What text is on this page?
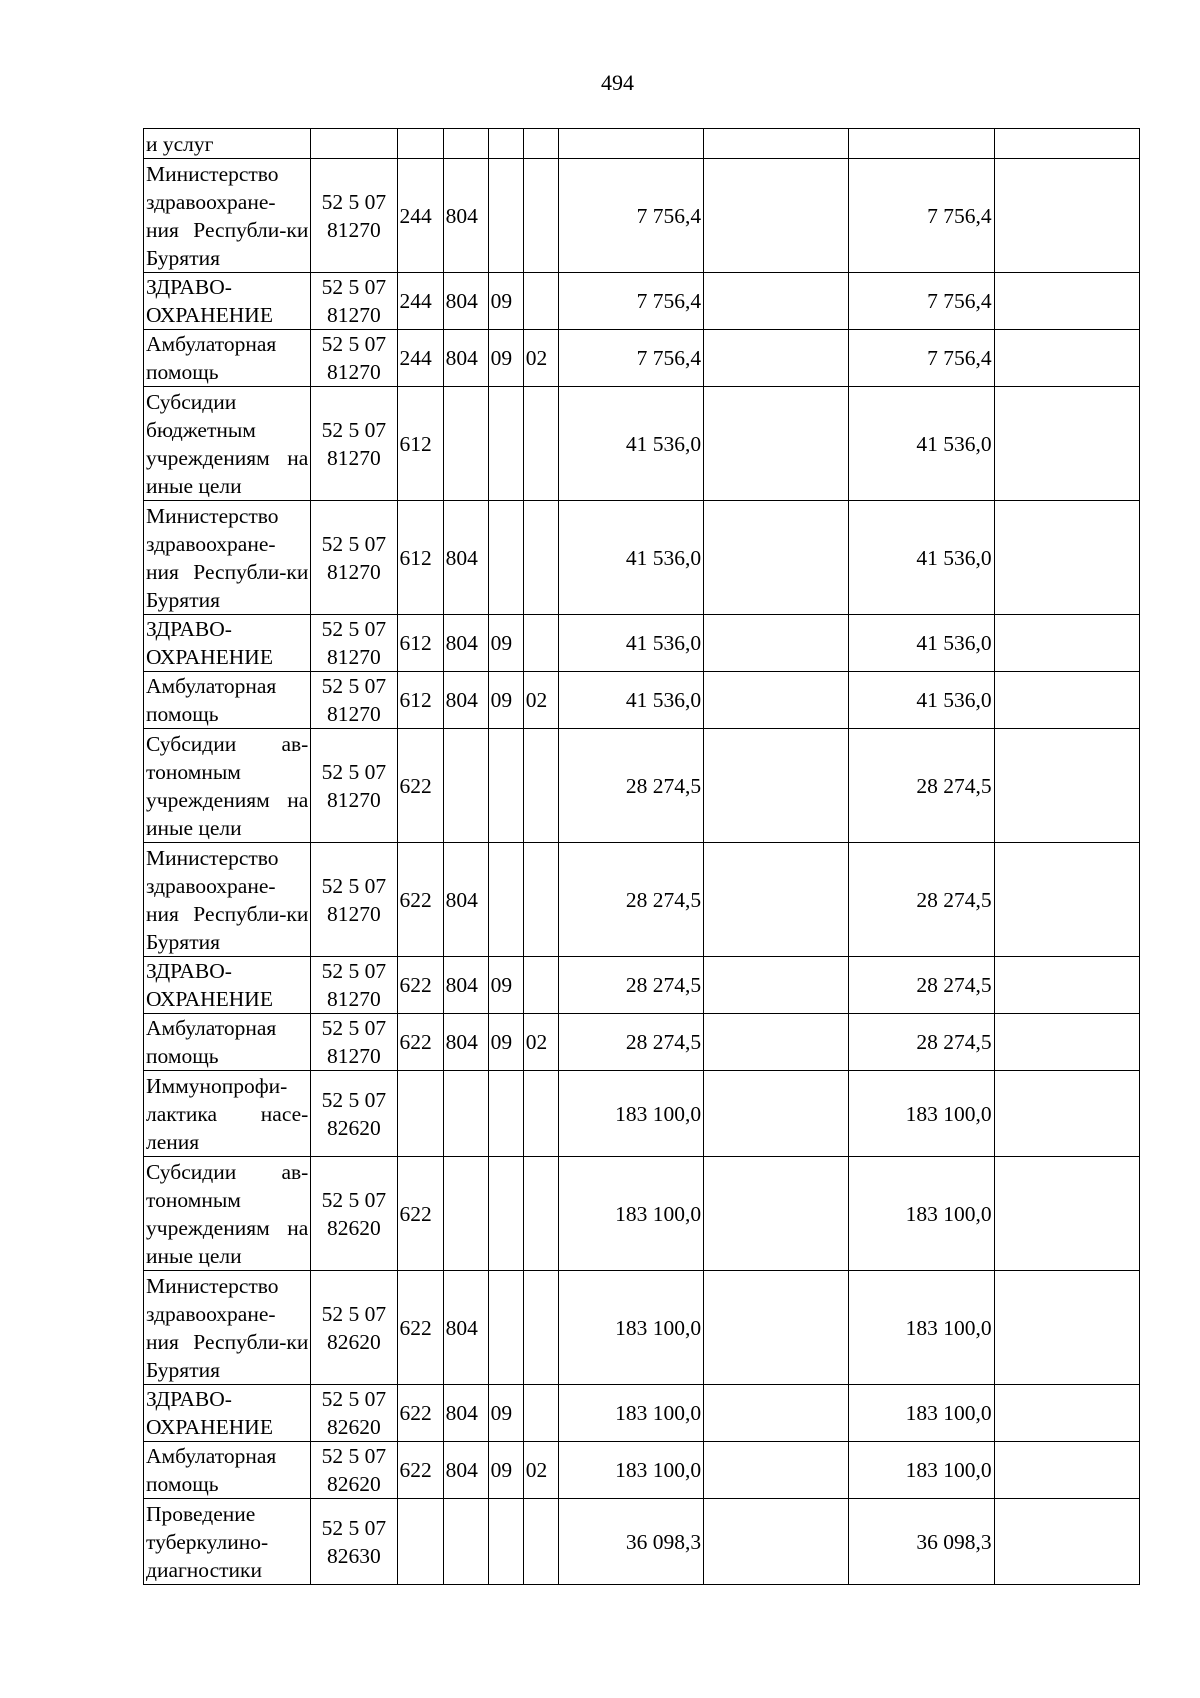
494
и услуг									
Министерство здравоохране-ния Республи-ки Бурятия	52 5 07 81270	244	804			7 756,4		7 756,4	
ЗДРАВО-ОХРАНЕНИЕ	52 5 07 81270	244	804	09		7 756,4		7 756,4	
Амбулаторная помощь	52 5 07 81270	244	804	09	02	7 756,4		7 756,4	
Субсидии бюджетным учреждениям на иные цели	52 5 07 81270	612				41 536,0		41 536,0	
Министерство здравоохране-ния Республи-ки Бурятия	52 5 07 81270	612	804			41 536,0		41 536,0	
ЗДРАВО-ОХРАНЕНИЕ	52 5 07 81270	612	804	09		41 536,0		41 536,0	
Амбулаторная помощь	52 5 07 81270	612	804	09	02	41 536,0		41 536,0	
Субсидии ав-тономным учреждениям на иные цели	52 5 07 81270	622				28 274,5		28 274,5	
Министерство здравоохране-ния Республи-ки Бурятия	52 5 07 81270	622	804			28 274,5		28 274,5	
ЗДРАВО-ОХРАНЕНИЕ	52 5 07 81270	622	804	09		28 274,5		28 274,5	
Амбулаторная помощь	52 5 07 81270	622	804	09	02	28 274,5		28 274,5	
Иммунопрофи-лактика насе-ления	52 5 07 82620					183 100,0		183 100,0	
Субсидии ав-тономным учреждениям на иные цели	52 5 07 82620	622				183 100,0		183 100,0	
Министерство здравоохране-ния Республи-ки Бурятия	52 5 07 82620	622	804			183 100,0		183 100,0	
ЗДРАВО-ОХРАНЕНИЕ	52 5 07 82620	622	804	09		183 100,0		183 100,0	
Амбулаторная помощь	52 5 07 82620	622	804	09	02	183 100,0		183 100,0	
Проведение туберкулино-диагностики	52 5 07 82630					36 098,3		36 098,3	
